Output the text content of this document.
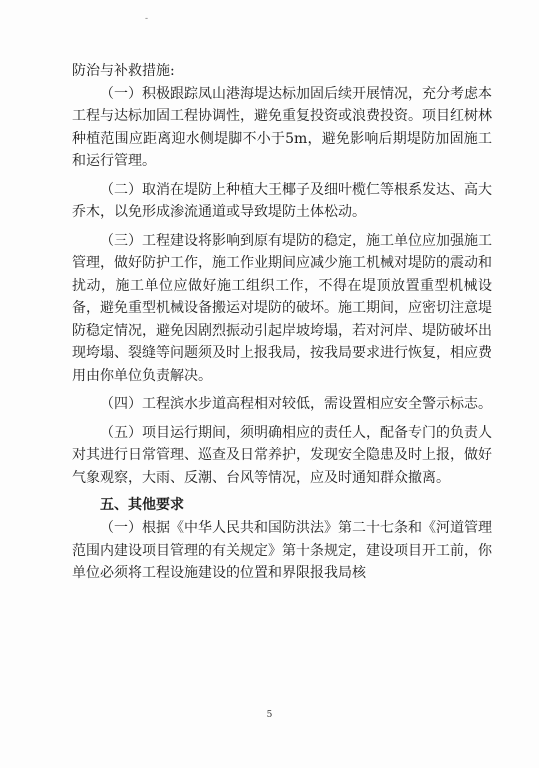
-

防治与补救措施:

（一）积极跟踪凤山港海堤达标加固后续开展情况，充分考虑本工程与达标加固工程协调性，避免重复投资或浪费投资。项目红树林种植范围应距离迎水侧堤脚不小于5m，避免影响后期堤防加固施工和运行管理。

（二）取消在堤防上种植大王椰子及细叶榄仁等根系发达、高大乔木，以免形成渗流通道或导致堤防土体松动。

（三）工程建设将影响到原有堤防的稳定，施工单位应加强施工管理，做好防护工作，施工作业期间应减少施工机械对堤防的震动和扰动，施工单位应做好施工组织工作，不得在堤顶放置重型机械设备，避免重型机械设备搬运对堤防的破坏。施工期间，应密切注意堤防稳定情况，避免因剧烈振动引起岸坡垮塌，若对河岸、堤防破坏出现垮塌、裂缝等问题须及时上报我局，按我局要求进行恢复，相应费用由你单位负责解决。

（四）工程滨水步道高程相对较低，需设置相应安全警示标志。

（五）项目运行期间，须明确相应的责任人，配备专门的负责人对其进行日常管理、巡查及日常养护，发现安全隐患及时上报，做好气象观察，大雨、反潮、台风等情况，应及时通知群众撤离。

五、其他要求

（一）根据《中华人民共和国防洪法》第二十七条和《河道管理范围内建设项目管理的有关规定》第十条规定，建设项目开工前，你单位必须将工程设施建设的位置和界限报我局核

5
